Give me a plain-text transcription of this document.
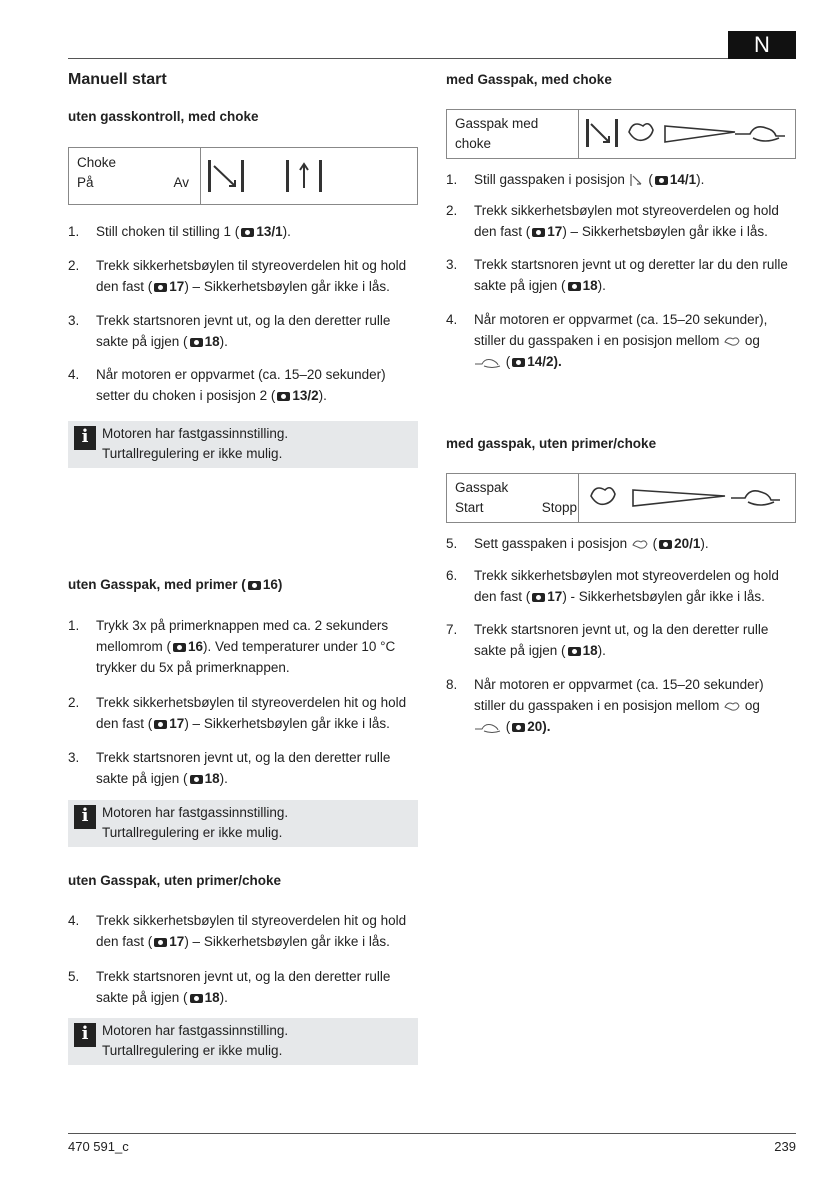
N
Manuell start
uten gasskontroll, med choke
Choke
På	Av
1. Still choken til stilling 1 ( 13/1).
2. Trekk sikkerhetsbøylen til styreoverdelen hit og hold
den fast ( 17) – Sikkerhetsbøylen går ikke i lås.
3. Trekk startsnoren jevnt ut, og la den deretter rulle
sakte på igjen ( 18).
4. Når motoren er oppvarmet (ca. 15–20 sekunder)
setter du choken i posisjon 2 ( 13/2).
i
Motoren har fastgassinnstilling.
Turtallregulering er ikke mulig.
uten Gasspak, med primer ( 16)
1. Trykk 3x på primerknappen med ca. 2 sekunders
mellomrom ( 16). Ved temperaturer under 10 °C
trykker du 5x på primerknappen.
2. Trekk sikkerhetsbøylen til styreoverdelen hit og hold
den fast ( 17) – Sikkerhetsbøylen går ikke i lås.
3. Trekk startsnoren jevnt ut, og la den deretter rulle
sakte på igjen ( 18).
i
Motoren har fastgassinnstilling.
Turtallregulering er ikke mulig.
uten Gasspak, uten primer/choke
4. Trekk sikkerhetsbøylen til styreoverdelen hit og hold
den fast ( 17) – Sikkerhetsbøylen går ikke i lås.
5. Trekk startsnoren jevnt ut, og la den deretter rulle
sakte på igjen ( 18).
i
Motoren har fastgassinnstilling.
Turtallregulering er ikke mulig.
med Gasspak, med choke
Gasspak med
choke
1. Still gasspaken i posisjon  ( 14/1).
2. Trekk sikkerhetsbøylen mot styreoverdelen og hold
den fast ( 17) – Sikkerhetsbøylen går ikke i lås.
3. Trekk startsnoren jevnt ut og deretter lar du den rulle
sakte på igjen ( 18).
4. Når motoren er oppvarmet (ca. 15–20 sekunder),
stiller du gasspaken i en posisjon mellom og
( 14/2).
med gasspak, uten primer/choke
Gasspak
Start	Stopp
5. Sett gasspaken i posisjon  ( 20/1).
6. Trekk sikkerhetsbøylen mot styreoverdelen og hold
den fast ( 17) - Sikkerhetsbøylen går ikke i lås.
7. Trekk startsnoren jevnt ut, og la den deretter rulle
sakte på igjen ( 18).
8. Når motoren er oppvarmet (ca. 15–20 sekunder)
stiller du gasspaken i en posisjon mellom og
( 20).
470 591_c	239
